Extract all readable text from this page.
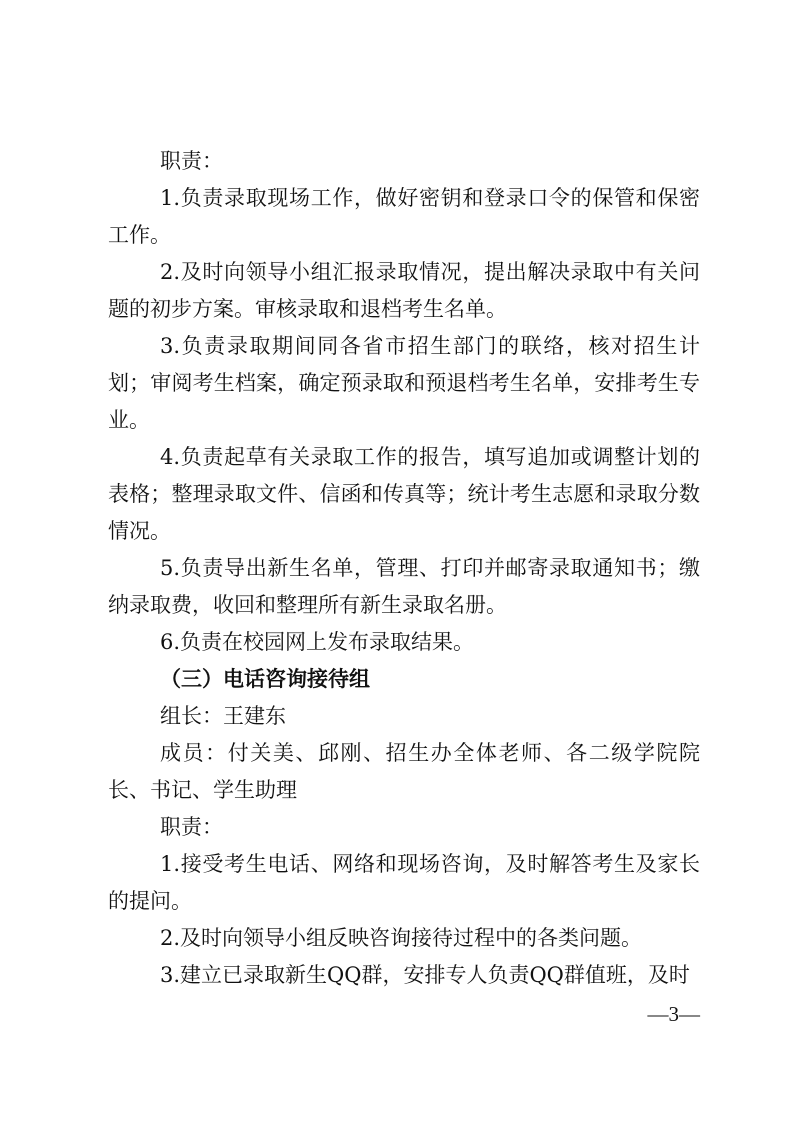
职责：

1.负责录取现场工作，做好密钥和登录口令的保管和保密工作。

2.及时向领导小组汇报录取情况，提出解决录取中有关问题的初步方案。审核录取和退档考生名单。

3.负责录取期间同各省市招生部门的联络，核对招生计划；审阅考生档案，确定预录取和预退档考生名单，安排考生专业。

4.负责起草有关录取工作的报告，填写追加或调整计划的表格；整理录取文件、信函和传真等；统计考生志愿和录取分数情况。

5.负责导出新生名单，管理、打印并邮寄录取通知书；缴纳录取费，收回和整理所有新生录取名册。

6.负责在校园网上发布录取结果。

（三）电话咨询接待组

组长：王建东

成员：付关美、邱刚、招生办全体老师、各二级学院院长、书记、学生助理

职责：

1.接受考生电话、网络和现场咨询，及时解答考生及家长的提问。

2.及时向领导小组反映咨询接待过程中的各类问题。

3.建立已录取新生QQ群，安排专人负责QQ群值班，及时

—3—
